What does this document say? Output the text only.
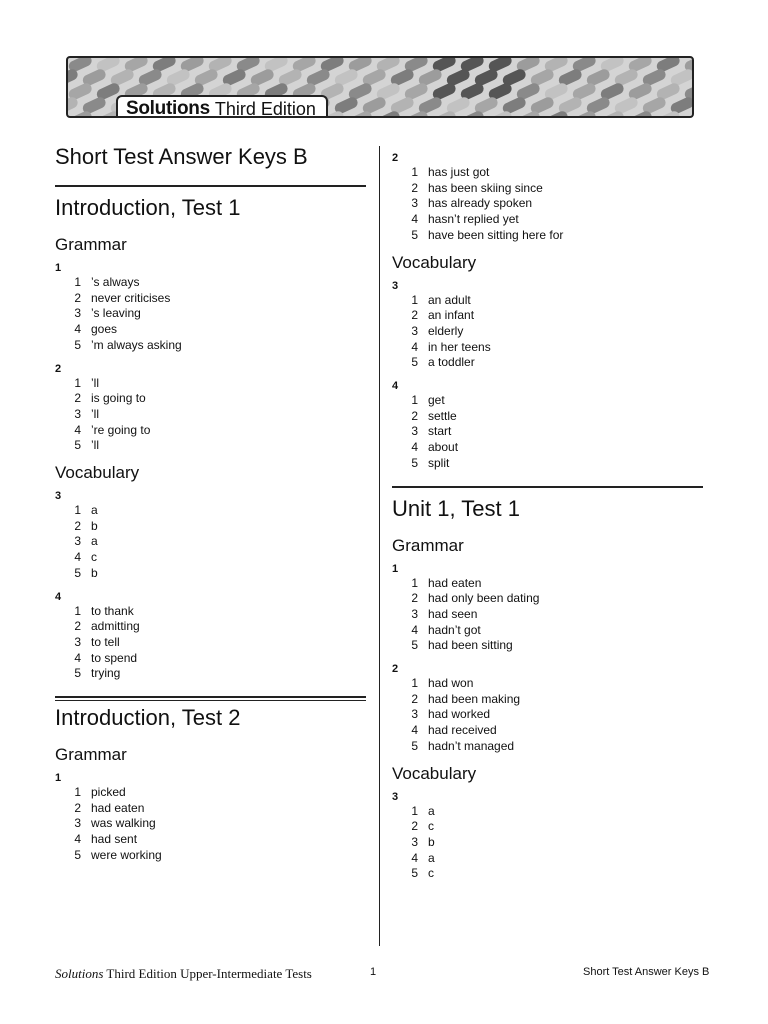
Solutions Third Edition
Short Test Answer Keys B
Introduction, Test 1
Grammar
1
1 ’s always
2 never criticises
3 ’s leaving
4 goes
5 ’m always asking
2
1 ’ll
2 is going to
3 ’ll
4 ’re going to
5 ’ll
Vocabulary
3
1 a
2 b
3 a
4 c
5 b
4
1 to thank
2 admitting
3 to tell
4 to spend
5 trying
Introduction, Test 2
Grammar
1
1 picked
2 had eaten
3 was walking
4 had sent
5 were working
2
1 has just got
2 has been skiing since
3 has already spoken
4 hasn’t replied yet
5 have been sitting here for
Vocabulary
3
1 an adult
2 an infant
3 elderly
4 in her teens
5 a toddler
4
1 get
2 settle
3 start
4 about
5 split
Unit 1, Test 1
Grammar
1
1 had eaten
2 had only been dating
3 had seen
4 hadn’t got
5 had been sitting
2
1 had won
2 had been making
3 had worked
4 had received
5 hadn’t managed
Vocabulary
3
1 a
2 c
3 b
4 a
5 c
Solutions Third Edition Upper-Intermediate Tests	1	Short Test Answer Keys B
